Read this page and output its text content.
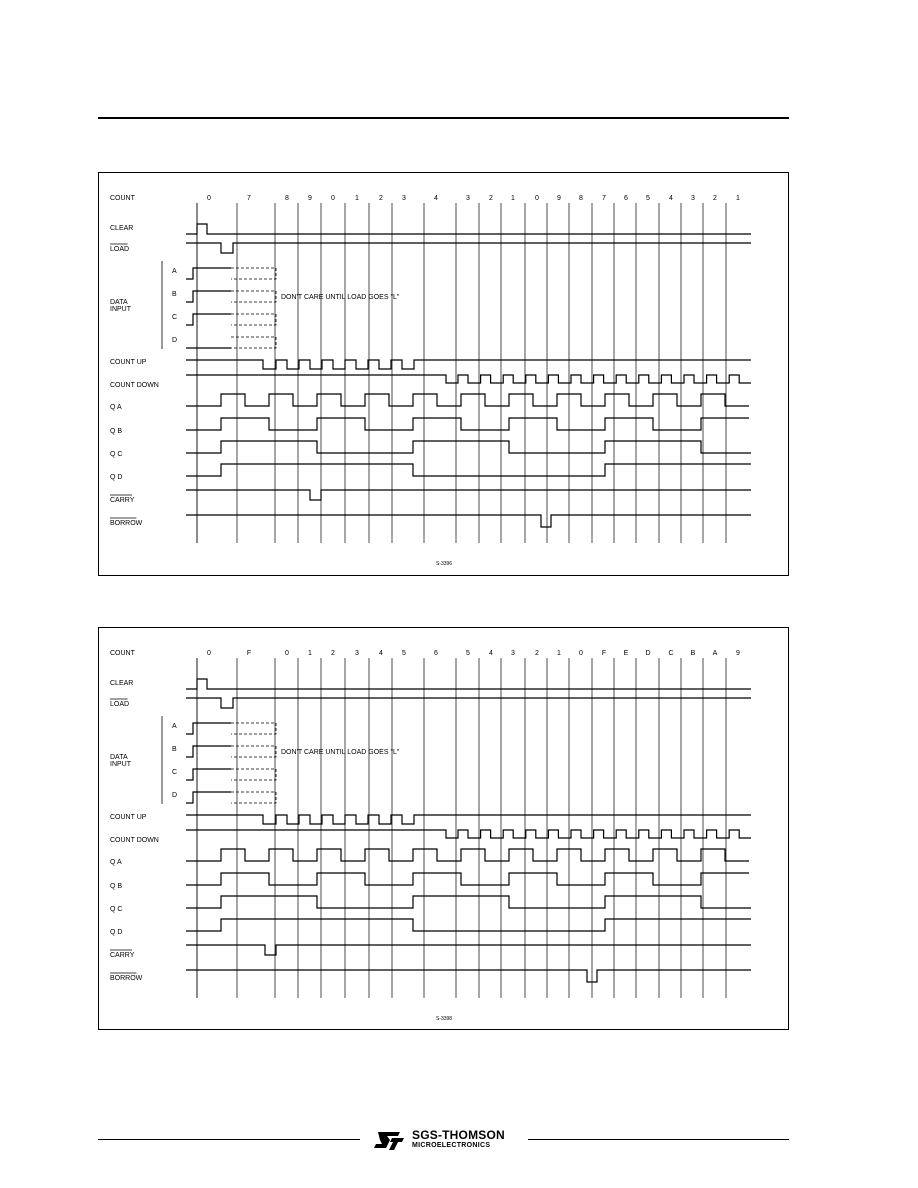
COUNT	0	7	8	9	0	1	2	3	4	3	2	1	0	9	8	7	6	5	4	3	2	1
CLEAR
LOAD
COUNT UP
COUNT DOWN
Q A
Q B
Q C
Q D
CARRY
BORROW
DATA
INPUT
A
B
C
D
DON'T CARE UNTIL LOAD GOES "L"
S-3396
COUNT	0	F	0	1	2	3	4	5	6	5	4	3	2	1	0	F	E D	C B A	9
CLEAR
LOAD
COUNT UP
COUNT DOWN
Q A
Q B
Q C
Q D
CARRY
BORROW
DATA
INPUT
A
B
C
D
DON'T CARE UNTIL LOAD GOES "L"
S-3398
SGS-THOMSON
MICROELECTRONICS
